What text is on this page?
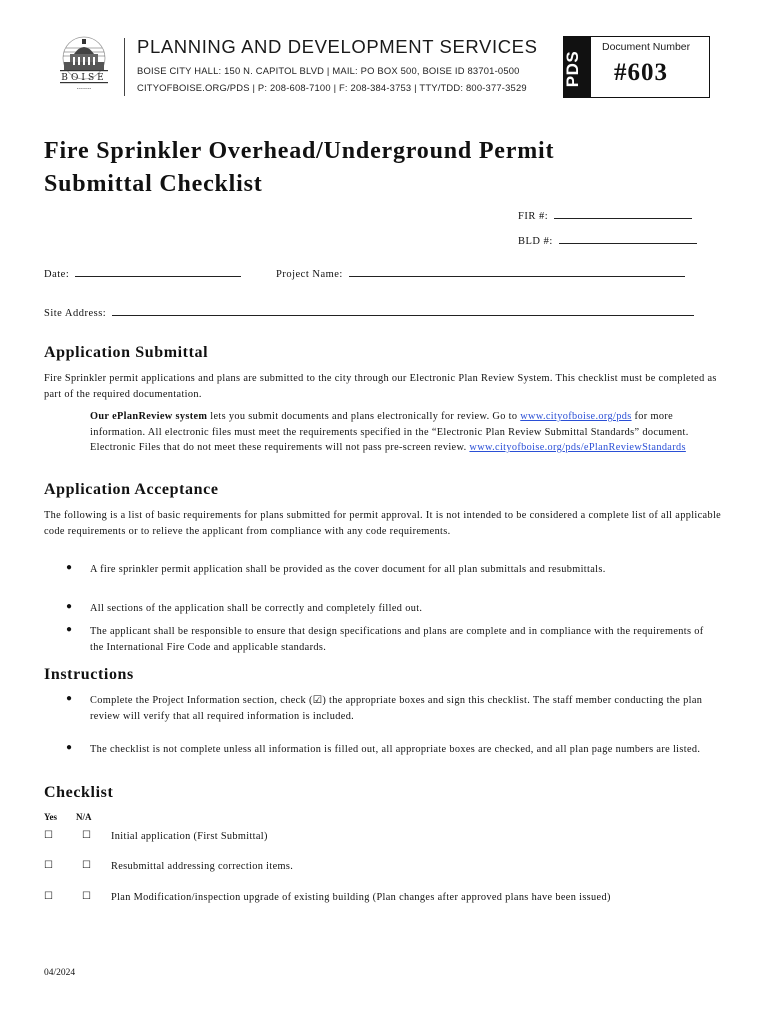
BOISE
•••••••
PLANNING AND DEVELOPMENT SERVICES
BOISE CITY HALL: 150 N. CAPITOL BLVD | MAIL: PO BOX 500, BOISE ID 83701-0500
CITYOFBOISE.ORG/PDS | P: 208-608-7100 | F: 208-384-3753 | TTY/TDD: 800-377-3529
PDS
Document Number
#603
Fire Sprinkler Overhead/Underground Permit
Submittal Checklist
FIR #:
BLD #:
Date:	Project Name:
Site Address:
Application Submittal

Fire Sprinkler permit applications and plans are submitted to the city through our Electronic Plan Review System. This checklist must be completed as part of the required documentation.

Our ePlanReview system lets you submit documents and plans electronically for review. Go to www.cityofboise.org/pds for more information. All electronic files must meet the requirements specified in the “Electronic Plan Review Submittal Standards” document. Electronic Files that do not meet these requirements will not pass pre-screen review. www.cityofboise.org/pds/ePlanReviewStandards

Application Acceptance

The following is a list of basic requirements for plans submitted for permit approval. It is not intended to be considered a complete list of all applicable code requirements or to relieve the applicant from compliance with any code requirements.

● A fire sprinkler permit application shall be provided as the cover document for all plan submittals and resubmittals.
● All sections of the application shall be correctly and completely filled out.
● The applicant shall be responsible to ensure that design specifications and plans are complete and in compliance with the requirements of the International Fire Code and applicable standards.
Instructions
● Complete the Project Information section, check (☑) the appropriate boxes and sign this checklist. The staff member conducting the plan review will verify that all required information is included.
● The checklist is not complete unless all information is filled out, all appropriate boxes are checked, and all plan page numbers are listed.
Checklist
Yes N/A
☐	☐ Initial application (First Submittal)
☐	☐ Resubmittal addressing correction items.
☐	☐ Plan Modification/inspection upgrade of existing building (Plan changes after approved plans have been issued)
04/2024
